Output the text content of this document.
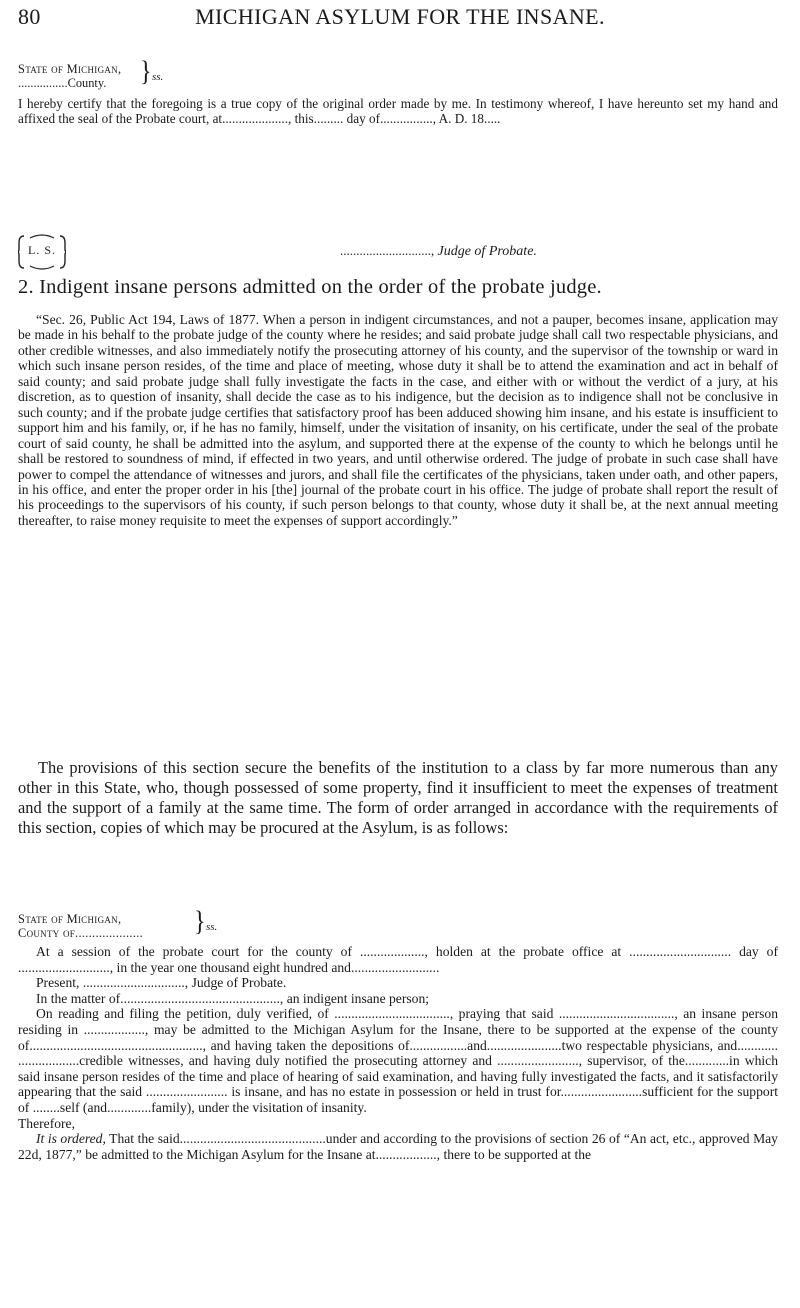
80	MICHIGAN ASYLUM FOR THE INSANE.
State of Michigan,
................County. } ss.
I hereby certify that the foregoing is a true copy of the original order made by me. In testimony whereof, I have hereunto set my hand and affixed the seal of the Probate court, at...................., this......... day of................, A. D. 18.....
L. S.	............................, Judge of Probate.
2. Indigent insane persons admitted on the order of the probate judge.

“Sec. 26, Public Act 194, Laws of 1877. When a person in indigent circumstances, and not a pauper, becomes insane, application may be made in his behalf to the probate judge of the county where he resides; and said probate judge shall call two respectable physicians, and other credible witnesses, and also immediately notify the prosecuting attorney of his county, and the supervisor of the township or ward in which such insane person resides, of the time and place of meeting, whose duty it shall be to attend the examination and act in behalf of said county; and said probate judge shall fully investigate the facts in the case, and either with or without the verdict of a jury, at his discretion, as to question of insanity, shall decide the case as to his indigence, but the decision as to indigence shall not be conclusive in such county; and if the probate judge certifies that satisfactory proof has been adduced showing him insane, and his estate is insufficient to support him and his family, or, if he has no family, himself, under the visitation of insanity, on his certificate, under the seal of the probate court of said county, he shall be admitted into the asylum, and supported there at the expense of the county to which he belongs until he shall be restored to soundness of mind, if effected in two years, and until otherwise ordered. The judge of probate in such case shall have power to compel the attendance of witnesses and jurors, and shall file the certificates of the physicians, taken under oath, and other papers, in his office, and enter the proper order in his [the] journal of the probate court in his office. The judge of probate shall report the result of his proceedings to the supervisors of his county, if such person belongs to that county, whose duty it shall be, at the next annual meeting thereafter, to raise money requisite to meet the expenses of support accordingly.”

The provisions of this section secure the benefits of the institution to a class by far more numerous than any other in this State, who, though possessed of some property, find it insufficient to meet the expenses of treatment and the support of a family at the same time. The form of order arranged in accordance with the requirements of this section, copies of which may be procured at the Asylum, is as follows:

State of Michigan,
County of.................... } ss.

At a session of the probate court for the county of ..................., holden at the probate office at .............................. day of ..........................., in the year one thousand eight hundred and..........................

Present, .............................., Judge of Probate.

In the matter of..............................................., an indigent insane person;

On reading and filing the petition, duly verified, of .................................., praying that said .................................., an insane person residing in .................., may be admitted to the Michigan Asylum for the Insane, there to be supported at the expense of the county of..................................................., and having taken the depositions of.................and......................two respectable physicians, and............ ..................credible witnesses, and having duly notified the prosecuting attorney and ........................, supervisor, of the.............in which said insane person resides of the time and place of hearing of said examination, and having fully investigated the facts, and it satisfactorily appearing that the said ........................ is insane, and has no estate in possession or held in trust for........................sufficient for the support of ........self (and.............family), under the visitation of insanity.

Therefore,

It is ordered, That the said...........................................under and according to the provisions of section 26 of “An act, etc., approved May 22d, 1877,” be admitted to the Michigan Asylum for the Insane at.................., there to be supported at the
